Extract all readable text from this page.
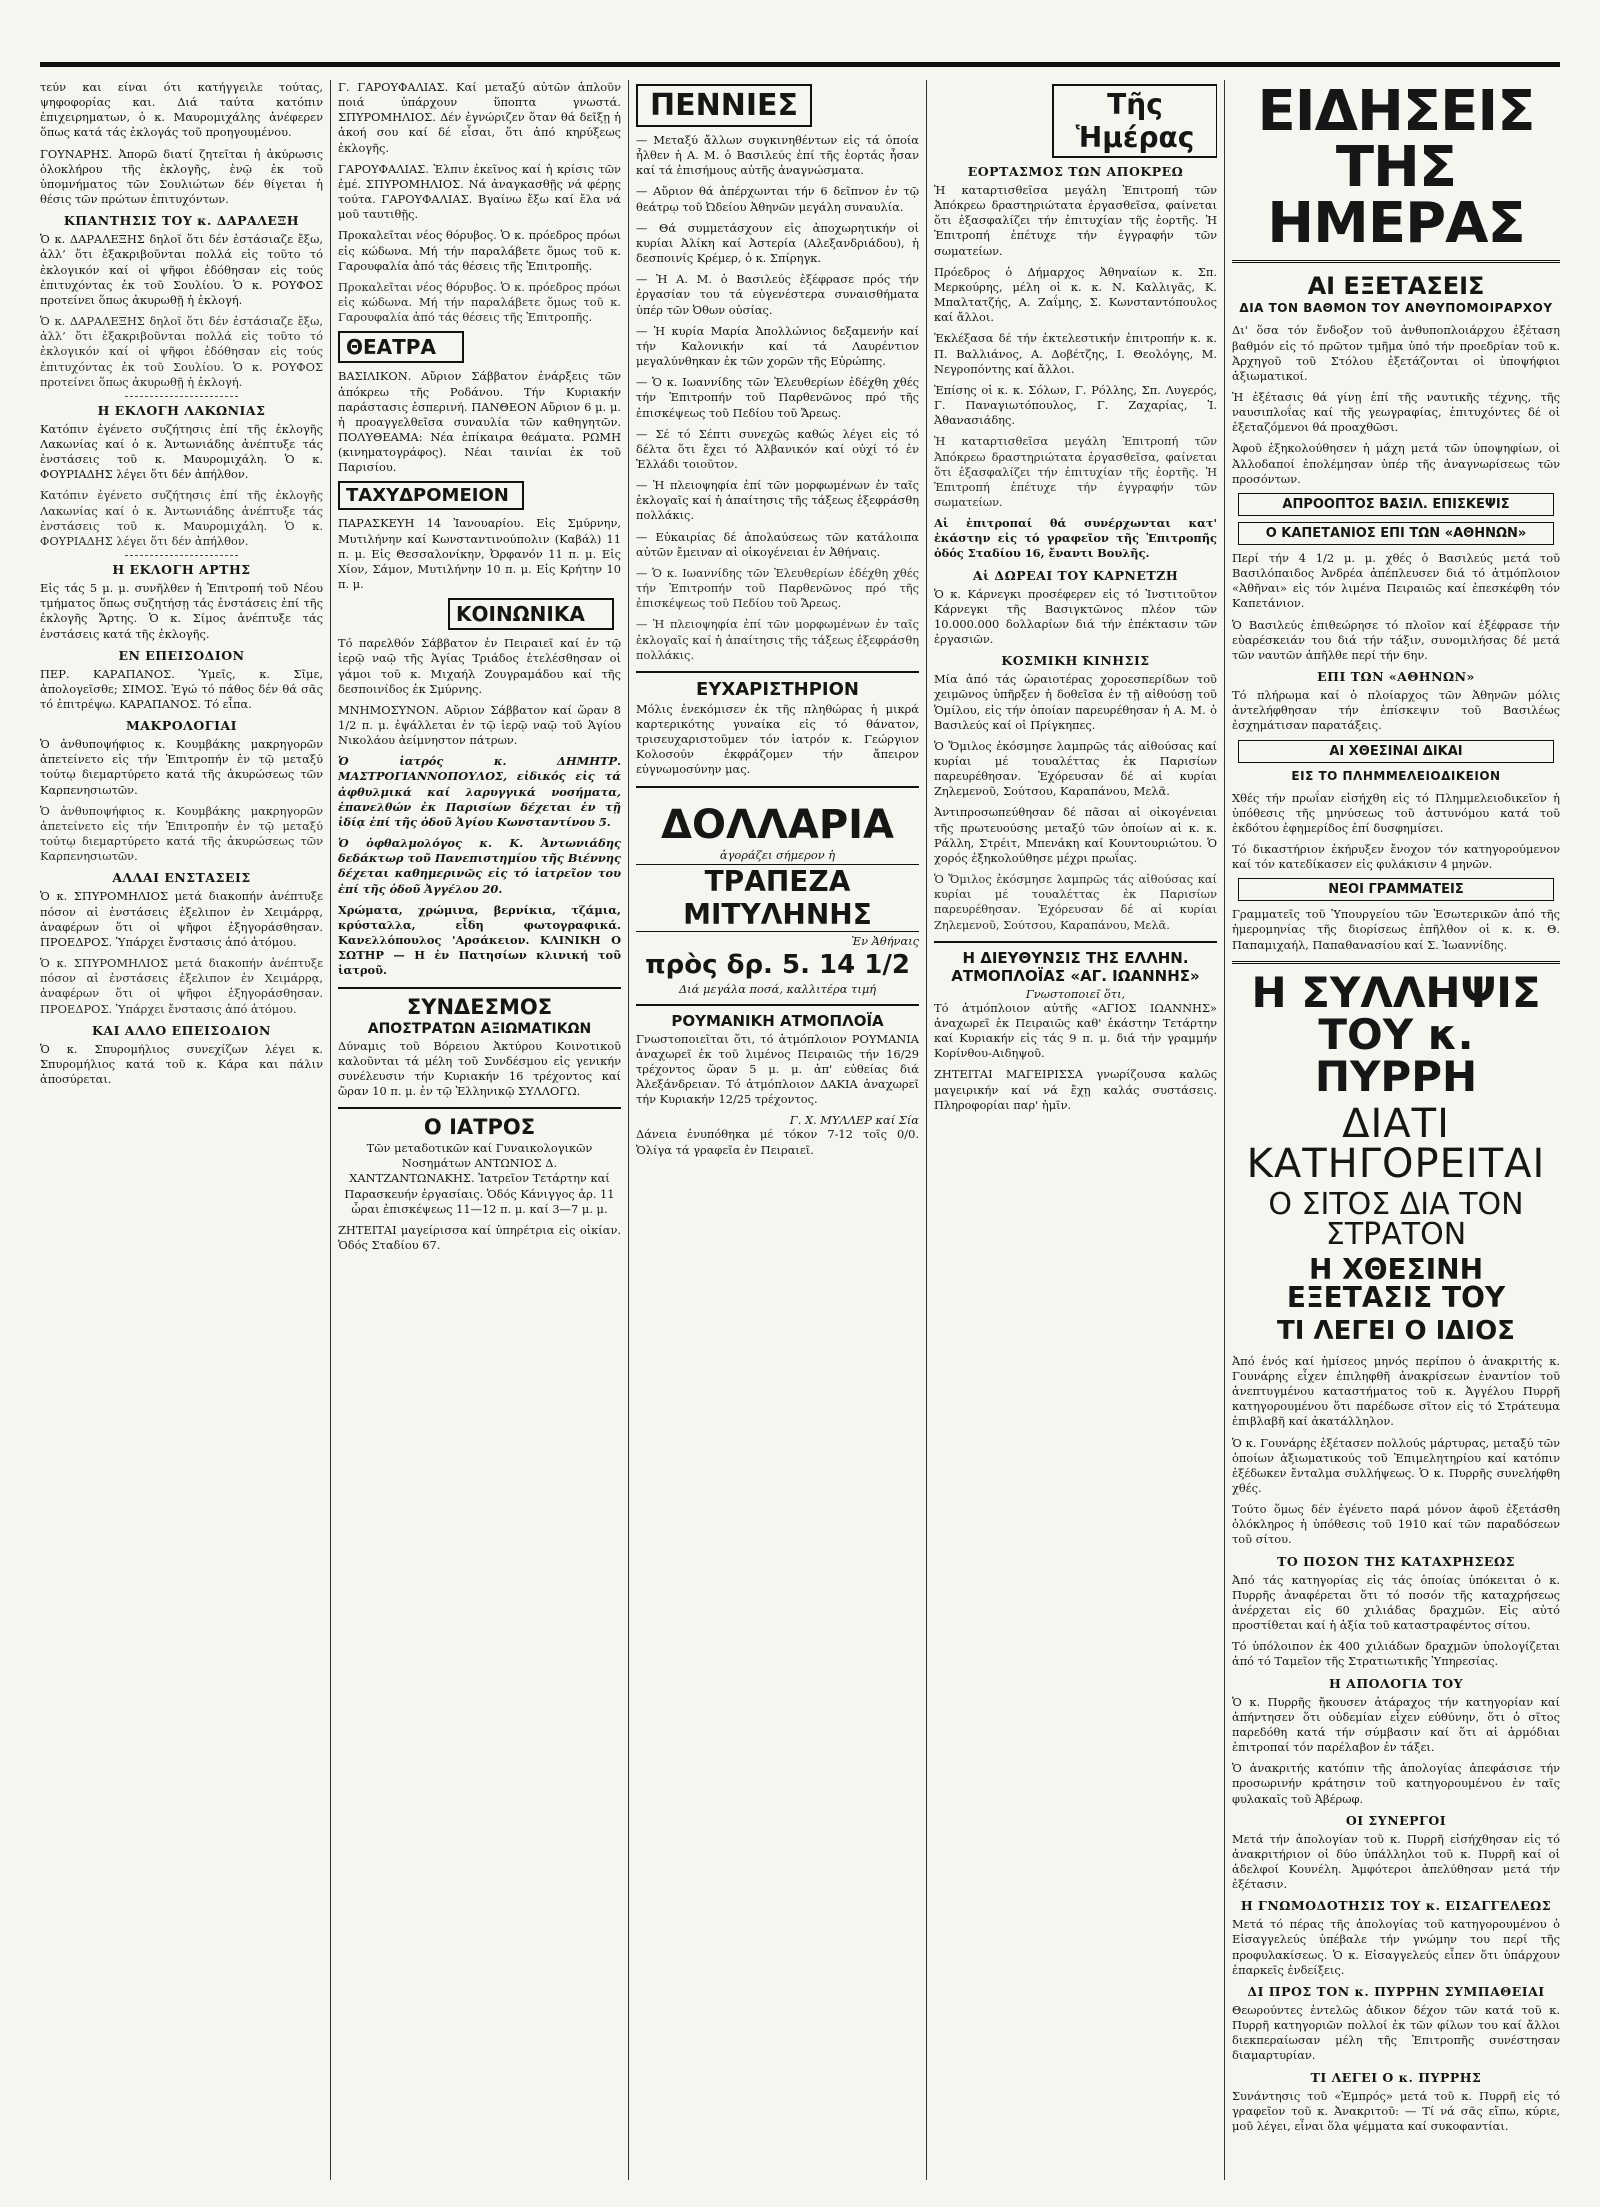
τεύν και είναι ότι κατήγγειλε τούτας, ψηφοφορίας και. Διά ταύτα κατόπιν ἐπιχειρηματων, ὁ κ. Μαυρομιχάλης ἀνέφερεν ὅπως κατά τάς ἐκλογάς τοῦ προηγουμένου.

ΓΟΥΝΑΡΗΣ. Ἀπορῶ διατί ζητεῖται ἡ ἀκύρωσις ὁλοκλήρου τῆς ἐκλογῆς, ἐνῷ ἐκ τοῦ ὑπομνήματος τῶν Σουλιώτων δέν θίγεται ἡ θέσις τῶν πρώτων ἐπιτυχόντων.

ΚΠΑΝΤΗΣΙΣ ΤΟΥ κ. ΔΑΡΑΛΕΞΗ

Ὁ κ. ΔΑΡΑΛΕΞΗΣ δηλοῖ ὅτι δέν ἐστάσιαζε ἔξω, ἀλλ’ ὅτι ἐξακριβοῦνται πολλά εἰς τοῦτο τό ἐκλογικόν καί οἱ ψῆφοι ἐδόθησαν εἰς τούς ἐπιτυχόντας ἐκ τοῦ Σουλίου. Ὁ κ. ΡΟΥΦΟΣ προτείνει ὅπως ἀκυρωθῇ ἡ ἐκλογή.

Ὁ κ. ΔΑΡΑΛΕΞΗΣ δηλοῖ ὅτι δέν ἐστάσιαζε ἔξω, ἀλλ’ ὅτι ἐξακριβοῦνται πολλά εἰς τοῦτο τό ἐκλογικόν καί οἱ ψῆφοι ἐδόθησαν εἰς τούς ἐπιτυχόντας ἐκ τοῦ Σουλίου. Ὁ κ. ΡΟΥΦΟΣ προτείνει ὅπως ἀκυρωθῇ ἡ ἐκλογή.

Η ΕΚΛΟΓΗ ΛΑΚΩΝΙΑΣ

Κατόπιν ἐγένετο συζήτησις ἐπί τῆς ἐκλογῆς Λακωνίας καί ὁ κ. Ἀντωνιάδης ἀνέπτυξε τάς ἐνστάσεις τοῦ κ. Μαυρομιχάλη. Ὁ κ. ΦΟΥΡΙΑΔΗΣ λέγει ὅτι δέν ἀπήλθον.

Κατόπιν ἐγένετο συζήτησις ἐπί τῆς ἐκλογῆς Λακωνίας καί ὁ κ. Ἀντωνιάδης ἀνέπτυξε τάς ἐνστάσεις τοῦ κ. Μαυρομιχάλη. Ὁ κ. ΦΟΥΡΙΑΔΗΣ λέγει ὅτι δέν ἀπήλθον.

Η ΕΚΛΟΓΗ ΑΡΤΗΣ

Εἰς τάς 5 μ. μ. συνῆλθεν ἡ Ἐπιτροπή τοῦ Νέου τμήματος ὅπως συζητήσῃ τάς ἐνστάσεις ἐπί τῆς ἐκλογῆς Ἄρτης. Ὁ κ. Σίμος ἀνέπτυξε τάς ἐνστάσεις κατά τῆς ἐκλογῆς.

ΕΝ ΕΠΕΙΣΟΔΙΟΝ

ΠΕΡ. ΚΑΡΑΠΑΝΟΣ. Ὑμεῖς, κ. Σῖμε, ἀπολογεῖσθε; ΣΙΜΟΣ. Ἐγώ τό πάθος δέν θά σᾶς τό ἐπιτρέψω. ΚΑΡΑΠΑΝΟΣ. Τό εἶπα.

ΜΑΚΡΟΛΟΓΙΑΙ

Ὁ ἀνθυποψήφιος κ. Κουμβάκης μακρηγορῶν ἀπετείνετο εἰς τήν Ἐπιτροπήν ἐν τῷ μεταξύ τούτῳ διεμαρτύρετο κατά τῆς ἀκυρώσεως τῶν Καρπενησιωτῶν.

Ὁ ἀνθυποψήφιος κ. Κουμβάκης μακρηγορῶν ἀπετείνετο εἰς τήν Ἐπιτροπήν ἐν τῷ μεταξύ τούτῳ διεμαρτύρετο κατά τῆς ἀκυρώσεως τῶν Καρπενησιωτῶν.

ΑΛΛΑΙ ΕΝΣΤΑΣΕΙΣ

Ὁ κ. ΣΠΥΡΟΜΗΛΙΟΣ μετά διακοπήν ἀνέπτυξε πόσον αἱ ἐνστάσεις ἐξελιπον ἐν Χειμάρρᾳ, ἀναφέρων ὅτι οἱ ψῆφοι ἐξηγοράσθησαν. ΠΡΟΕΔΡΟΣ. Ὑπάρχει ἔνστασις ἀπό ἀτόμου.

Ὁ κ. ΣΠΥΡΟΜΗΛΙΟΣ μετά διακοπήν ἀνέπτυξε πόσον αἱ ἐνστάσεις ἐξελιπον ἐν Χειμάρρᾳ, ἀναφέρων ὅτι οἱ ψῆφοι ἐξηγοράσθησαν. ΠΡΟΕΔΡΟΣ. Ὑπάρχει ἔνστασις ἀπό ἀτόμου.

ΚΑΙ ΑΛΛΟ ΕΠΕΙΣΟΔΙΟΝ

Ὁ κ. Σπυρομήλιος συνεχίζων λέγει κ. Σπυρομήλιος κατά τοῦ κ. Κάρα και πάλιν ἀποσύρεται.

Γ. ΓΑΡΟΥΦΑΛΙΑΣ. Καί μεταξύ αὐτῶν ἁπλοῦν ποιά ὑπάρχουν ὕποπτα γνωστά. ΣΠΥΡΟΜΗΛΙΟΣ. Δέν ἐγνώριζεν ὅταν θά δεῖξῃ ἡ ἀκοή σου καί δέ εἶσαι, ὅτι ἀπό κηρύξεως ἐκλογῆς.

ΓΑΡΟΥΦΑΛΙΑΣ. Ἐλπιν ἐκεῖνος καί ἡ κρίσις τῶν ἐμέ. ΣΠΥΡΟΜΗΛΙΟΣ. Νά ἀναγκασθῇς νά φέρῃς τούτα. ΓΑΡΟΥΦΑΛΙΑΣ. Βγαίνω ἔξω καί ἔλα νά μοῦ ταυτιθῇς.

Προκαλεῖται νέος θόρυβος. Ὁ κ. πρόεδρος πρόωι εἰς κώδωνα. Μή τήν παραλάβετε ὅμως τοῦ κ. Γαρουφαλία ἀπό τάς θέσεις τῆς Ἐπιτροπῆς.

Προκαλεῖται νέος θόρυβος. Ὁ κ. πρόεδρος πρόωι εἰς κώδωνα. Μή τήν παραλάβετε ὅμως τοῦ κ. Γαρουφαλία ἀπό τάς θέσεις τῆς Ἐπιτροπῆς.

ΘΕΑΤΡΑ

ΒΑΣΙΛΙΚΟΝ. Αὔριον Σάββατον ἐνάρξεις τῶν ἀπόκρεω τῆς Ροδάνου. Τήν Κυριακήν παράστασις ἐσπερινή. ΠΑΝΘΕΟΝ Αὔριον 6 μ. μ. ἡ προαγγελθεῖσα συναυλία τῶν καθηγητῶν. ΠΟΛΥΘΕΑΜΑ: Νέα ἐπίκαιρα θεάματα. ΡΩΜΗ (κινηματογράφος). Νέαι ταινίαι ἐκ τοῦ Παρισίου.

ΤΑΧΥΔΡΟΜΕΙΟΝ

ΠΑΡΑΣΚΕΥΗ 14 Ἰανουαρίου. Εἰς Σμύρνην, Μυτιλήνην καί Κωνσταντινούπολιν (Καβάλ) 11 π. μ. Εἰς Θεσσαλονίκην, Ὀρφανόν 11 π. μ. Εἰς Χίον, Σάμον, Μυτιλήνην 10 π. μ. Εἰς Κρήτην 10 π. μ.

ΚΟΙΝΩΝΙΚΑ

Τό παρελθόν Σάββατον ἐν Πειραιεῖ καί ἐν τῷ ἰερῷ ναῷ τῆς Ἁγίας Τριάδος ἐτελέσθησαν οἱ γάμοι τοῦ κ. Μιχαήλ Ζουγραμάδου καί τῆς δεσποινίδος ἐκ Σμύρνης.

ΜΝΗΜΟΣΥΝΟΝ. Αὔριον Σάββατον καί ὥραν 8 1/2 π. μ. ἐψάλλεται ἐν τῷ ἱερῷ ναῷ τοῦ Ἁγίου Νικολάου ἀείμνηστον πάτρων.

Ὁ ἰατρός κ. ΔΗΜΗΤΡ. ΜΑΣΤΡΟΓΙΑΝΝΟΠΟΥΛΟΣ, εἰδικός εἰς τά ἀφθυλμικά καί λαρυγγικά νοσήματα, ἐπανελθών ἐκ Παρισίων δέχεται ἐν τῇ ἰδίᾳ ἐπί τῆς ὁδοῦ Ἁγίου Κωνσταντίνου 5.

Ὁ ὀφθαλμολόγος κ. Κ. Ἀντωνιάδης δεδάκτωρ τοῦ Πανεπιστημίου τῆς Βιέννης δέχεται καθημερινῶς εἰς τό ἰατρεῖον του ἐπί τῆς ὁδοῦ Ἀγγέλου 20.

Χρώματα, χρώμινα, βερνίκια, τζάμια, κρύσταλλα, εἶδη φωτογραφικά. Κανελλόπουλος 'Αρσάκειον. ΚΛΙΝΙΚΗ Ο ΣΩΤΗΡ — Η ἐν Πατησίων κλινική τοῦ ἰατροῦ.

ΣΥΝΔΕΣΜΟΣ
ΑΠΟΣΤΡΑΤΩΝ ΑΞΙΩΜΑΤΙΚΩΝ

Δύναμις τοῦ Βόρειου Ἀκτύρου Κοινοτικοῦ καλοῦνται τά μέλη τοῦ Συνδέσμου εἰς γενικήν συνέλευσιν τήν Κυριακήν 16 τρέχοντος καί ὥραν 10 π. μ. ἐν τῷ Ἐλληνικῷ ΣΥΛΛΟΓΩ.

Ο ΙΑΤΡΟΣ

Τῶν μεταδοτικῶν καί Γυναικολογικῶν Νοσημάτων ΑΝΤΩΝΙΟΣ Δ. ΧΑΝΤΖΑΝΤΩΝΑΚΗΣ. Ἰατρεῖον Τετάρτην καί Παρασκευήν ἐργασίαις. Ὁδός Κάνιγγος ἀρ. 11 ὧραι ἐπισκέψεως 11—12 π. μ. καί 3—7 μ. μ.

ΖΗΤΕΙΤΑΙ μαγείρισσα καί ὑπηρέτρια εἰς οἰκίαν. Ὁδός Σταδίου 67.

ΠΕΝΝΙΕΣ

— Μεταξύ ἄλλων συγκινηθέντων εἰς τά ὁποία ἦλθεν ἡ Α. Μ. ὁ Βασιλεύς ἐπί τῆς ἑορτάς ἦσαν καί τά ἐπισήμους αὐτῆς ἀναγνώσματα.

— Αὔριον θά ἀπέρχωνται τήν 6 δεῖπνον ἐν τῷ θεάτρῳ τοῦ Ὠδείου Ἀθηνῶν μεγάλη συναυλία.

— Θά συμμετάσχουν εἰς ἀποχωρητικήν οἱ κυρίαι Ἀλίκη καί Ἀστερία (Αλεξανδριάδου), ἡ δεσποινίς Κρέμερ, ὁ κ. Σπίρηγκ.

— Ἡ Α. Μ. ὁ Βασιλεύς ἐξέφρασε πρός τήν ἐργασίαν του τά εὐγενέστερα συναισθήματα ὑπέρ τῶν Ὀθων οὐσίας.

— Ἡ κυρία Μαρία Ἀπολλώνιος δεξαμενήν καί τήν Καλονικήν καί τά Λαυρέντιον μεγαλύνθηκαν ἐκ τῶν χορῶν τῆς Εὐρώπης.

— Ὁ κ. Ιωαννίδης τῶν Ἐλευθερίων ἐδέχθη χθές τήν Ἐπιτροπήν τοῦ Παρθενῶνος πρό τῆς ἐπισκέψεως τοῦ Πεδίου τοῦ Ἄρεως.

— Σέ τό Σέπτι συνεχῶς καθώς λέγει εἰς τό δέλτα ὅτι ἔχει τό Ἀλβανικόν καί οὐχί τό ἐν Ἑλλάδι τοιοῦτον.

— Ἡ πλειοψηφία ἐπί τῶν μορφωμένων ἐν ταῖς ἐκλογαῖς καί ἡ ἀπαίτησις τῆς τάξεως ἐξεφράσθη πολλάκις.

— Εὐκαιρίας δέ ἀπολαύσεως τῶν κατάλοιπα αὐτῶν ἔμειναν αἱ οἰκογένειαι ἐν Ἀθήναις.

— Ὁ κ. Ιωαννίδης τῶν Ἐλευθερίων ἐδέχθη χθές τήν Ἐπιτροπήν τοῦ Παρθενῶνος πρό τῆς ἐπισκέψεως τοῦ Πεδίου τοῦ Ἄρεως.

— Ἡ πλειοψηφία ἐπί τῶν μορφωμένων ἐν ταῖς ἐκλογαῖς καί ἡ ἀπαίτησις τῆς τάξεως ἐξεφράσθη πολλάκις.

ΕΥΧΑΡΙΣΤΗΡΙΟΝ

Μόλις ἐνεκόμισεν ἐκ τῆς πληθώρας ἡ μικρά καρτερικότης γυναίκα εἰς τό θάνατον, τρισευχαριστοῦμεν τόν ἰατρόν κ. Γεώργιον Κολοσούν ἐκφράζομεν τήν ἄπειρον εὐγνωμοσύνην μας.

ΔΟΛΛΑΡΙΑ
ἀγοράζει σήμερον ἡ
ΤΡΑΠΕΖΑ ΜΙΤΥΛΗΝΗΣ
Ἐν Ἀθήναις
πρὸς δρ. 5. 14 1/2
Διά μεγάλα ποσά, καλλιτέρα τιμή
ΡΟΥΜΑΝΙΚΗ ΑΤΜΟΠΛΟΪΑ

Γνωστοποιεῖται ὅτι, τό ἀτμόπλοιον ΡΟΥΜΑΝΙΑ ἀναχωρεῖ ἐκ τοῦ λιμένος Πειραιῶς τήν 16/29 τρέχοντος ὥραν 5 μ. μ. ἀπ' εὐθείας διά Ἀλεξάνδρειαν. Τό ἀτμόπλοιον ΔΑΚΙΑ ἀναχωρεῖ τήν Κυριακήν 12/25 τρέχοντος.

Γ. Χ. ΜΥΛΛΕΡ καί Σία

Δάνεια ἐνυπόθηκα μέ τόκον 7-12 τοῖς 0/0. Ὁλίγα τά γραφεῖα ἐν Πειραιεῖ.

Τῆς Ἡμέρας
ΕΟΡΤΑΣΜΟΣ ΤΩΝ ΑΠΟΚΡΕΩ

Ἡ καταρτισθεῖσα μεγάλη Ἐπιτροπή τῶν Ἀπόκρεω δραστηριώτατα ἐργασθεῖσα, φαίνεται ὅτι ἐξασφαλίζει τήν ἐπιτυχίαν τῆς ἑορτῆς. Ἡ Ἐπιτροπή ἐπέτυχε τήν ἐγγραφήν τῶν σωματείων.

Πρόεδρος ὁ Δήμαρχος Ἀθηναίων κ. Σπ. Μερκούρης, μέλη οἱ κ. κ. Ν. Καλλιγᾶς, Κ. Μπαλτατζής, Α. Ζαΐμης, Σ. Κωνσταντόπουλος καί ἄλλοι.

Ἐκλέξασα δέ τήν ἐκτελεστικήν ἐπιτροπήν κ. κ. Π. Βαλλιάνος, Α. Δοβέτζης, Ι. Θεολόγης, Μ. Νεγροπόντης καί ἄλλοι.

Ἐπίσης οἱ κ. κ. Σόλων, Γ. Ρόλλης, Σπ. Λυγερός, Γ. Παναγιωτόπουλος, Γ. Ζαχαρίας, Ἰ. Ἀθανασιάδης.

Ἡ καταρτισθεῖσα μεγάλη Ἐπιτροπή τῶν Ἀπόκρεω δραστηριώτατα ἐργασθεῖσα, φαίνεται ὅτι ἐξασφαλίζει τήν ἐπιτυχίαν τῆς ἑορτῆς. Ἡ Ἐπιτροπή ἐπέτυχε τήν ἐγγραφήν τῶν σωματείων.

Αἱ ἐπιτροπαί θά συνέρχωνται κατ' ἐκάστην εἰς τό γραφεῖον τῆς Ἐπιτροπῆς ὁδός Σταδίου 16, ἔναντι Βουλῆς.

Αἱ ΔΩΡΕΑΙ ΤΟΥ ΚΑΡΝΕΤΖΗ

Ὁ κ. Κάρνεγκι προσέφερεν εἰς τό Ἰνστιτοῦτον Κάρνεγκι τῆς Βασιγκτῶνος πλέον τῶν 10.000.000 δολλαρίων διά τήν ἐπέκτασιν τῶν ἐργασιῶν.

ΚΟΣΜΙΚΗ ΚΙΝΗΣΙΣ

Μία ἀπό τάς ὡραιοτέρας χοροεσπερίδων τοῦ χειμῶνος ὑπῆρξεν ἡ δοθεῖσα ἐν τῇ αἰθούσῃ τοῦ Ὁμίλου, εἰς τήν ὁποίαν παρευρέθησαν ἡ Α. Μ. ὁ Βασιλεύς καί οἱ Πρίγκηπες.

Ὁ Ὅμιλος ἐκόσμησε λαμπρῶς τάς αἰθούσας καί κυρίαι μέ τουαλέττας ἐκ Παρισίων παρευρέθησαν. Ἐχόρευσαν δέ αἱ κυρίαι Ζηλεμενοῦ, Σούτσου, Καραπάνου, Μελᾶ.

Ἀντιπροσωπεύθησαν δέ πᾶσαι αἱ οἰκογένειαι τῆς πρωτευούσης μεταξύ τῶν ὁποίων αἱ κ. κ. Ράλλη, Στρέιτ, Μπενάκη καί Κουντουριώτου. Ὁ χορός ἐξηκολούθησε μέχρι πρωΐας.

Ὁ Ὅμιλος ἐκόσμησε λαμπρῶς τάς αἰθούσας καί κυρίαι μέ τουαλέττας ἐκ Παρισίων παρευρέθησαν. Ἐχόρευσαν δέ αἱ κυρίαι Ζηλεμενοῦ, Σούτσου, Καραπάνου, Μελᾶ.

Η ΔΙΕΥΘΥΝΣΙΣ ΤΗΣ ΕΛΛΗΝ. ΑΤΜΟΠΛΟΪΑΣ «ΑΓ. ΙΩΑΝΝΗΣ»
Γνωστοποιεῖ ὅτι,

Τό ἀτμόπλοιον αὐτῆς «ΑΓΙΟΣ ΙΩΑΝΝΗΣ» ἀναχωρεῖ ἐκ Πειραιῶς καθ' ἑκάστην Τετάρτην καί Κυριακήν εἰς τάς 9 π. μ. διά τήν γραμμήν Κορίνθου-Αιδηψοῦ.

ΖΗΤΕΙΤΑΙ ΜΑΓΕΙΡΙΣΣΑ γνωρίζουσα καλῶς μαγειρικήν καί νά ἔχῃ καλάς συστάσεις. Πληροφορίαι παρ' ἡμῖν.

ΕΙΔΗΣΕΙΣ ΤΗΣ ΗΜΕΡΑΣ
ΑΙ ΕΞΕΤΑΣΕΙΣ
ΔΙΑ ΤΟΝ ΒΑΘΜΟΝ ΤΟΥ ΑΝΘΥΠΟΜΟΙΡΑΡΧΟΥ

Δι' ὅσα τόν ἔνδοξον τοῦ ἀνθυποπλοιάρχου ἐξέταση βαθμόν εἰς τό πρῶτον τμῆμα ὑπό τήν προεδρίαν τοῦ κ. Ἀρχηγοῦ τοῦ Στόλου ἐξετάζονται οἱ ὑποψήφιοι ἀξιωματικοί.

Ἡ ἐξέτασις θά γίνῃ ἐπί τῆς ναυτικῆς τέχνης, τῆς ναυσιπλοΐας καί τῆς γεωγραφίας, ἐπιτυχόντες δέ οἱ ἐξεταζόμενοι θά προαχθῶσι.

Ἀφοῦ ἐξηκολούθησεν ἡ μάχη μετά τῶν ὑποψηφίων, οἱ Ἀλλοδαποί ἐπολέμησαν ὑπέρ τῆς ἀναγνωρίσεως τῶν προσόντων.

ΑΠΡΟΟΠΤΟΣ ΒΑΣΙΛ. ΕΠΙΣΚΕΨΙΣ
Ο ΚΑΠΕΤΑΝΙΟΣ ΕΠΙ ΤΩΝ «ΑΘΗΝΩΝ»

Περί τήν 4 1/2 μ. μ. χθές ὁ Βασιλεύς μετά τοῦ Βασιλόπαιδος Ἀνδρέα ἀπέπλευσεν διά τό ἀτμόπλοιον «Ἀθῆναι» εἰς τόν λιμένα Πειραιῶς καί ἐπεσκέφθη τόν Καπετάνιον.

Ὁ Βασιλεύς ἐπιθεώρησε τό πλοῖον καί ἐξέφρασε τήν εὐαρέσκειάν του διά τήν τάξιν, συνομιλήσας δέ μετά τῶν ναυτῶν ἀπῆλθε περί τήν 6ην.

ΕΠΙ ΤΩΝ «ΑΘΗΝΩΝ»

Τό πλήρωμα καί ὁ πλοίαρχος τῶν Ἀθηνῶν μόλις ἀντελήφθησαν τήν ἐπίσκεψιν τοῦ Βασιλέως ἐσχημάτισαν παρατάξεις.

ΑΙ ΧΘΕΣΙΝΑΙ ΔΙΚΑΙ
ΕΙΣ ΤΟ ΠΛΗΜΜΕΛΕΙΟΔΙΚΕΙΟΝ

Χθές τήν πρωΐαν εἰσήχθη εἰς τό Πλημμελειοδικεῖον ἡ ὑπόθεσις τῆς μηνύσεως τοῦ ἀστυνόμου κατά τοῦ ἐκδότου ἐφημερίδος ἐπί δυσφημίσει.

Τό δικαστήριον ἐκήρυξεν ἔνοχον τόν κατηγορούμενον καί τόν κατεδίκασεν εἰς φυλάκισιν 4 μηνῶν.

ΝΕΟΙ ΓΡΑΜΜΑΤΕΙΣ

Γραμματεῖς τοῦ Ὑπουργείου τῶν Ἐσωτερικῶν ἀπό τῆς ἡμερομηνίας τῆς διορίσεως ἐπῆλθον οἱ κ. κ. Θ. Παπαμιχαήλ, Παπαθανασίου καί Σ. Ἰωαννίδης.

Η ΣΥΛΛΗΨΙΣ ΤΟΥ κ. ΠΥΡΡΗ
ΔΙΑΤΙ ΚΑΤΗΓΟΡΕΙΤΑΙ
Ο ΣΙΤΟΣ ΔΙΑ ΤΟΝ ΣΤΡΑΤΟΝ
Η ΧΘΕΣΙΝΗ ΕΞΕΤΑΣΙΣ ΤΟΥ
ΤΙ ΛΕΓΕΙ Ο ΙΔΙΟΣ

Ἀπό ἑνός καί ἡμίσεος μηνός περίπου ὁ ἀνακριτής κ. Γουνάρης εἶχεν ἐπιληφθῆ ἀνακρίσεων ἐναντίον τοῦ ἀνεπτυγμένου καταστήματος τοῦ κ. Ἀγγέλου Πυρρῆ κατηγορουμένου ὅτι παρέδωσε σῖτον εἰς τό Στράτευμα ἐπιβλαβῆ καί ἀκατάλληλον.

Ὁ κ. Γουνάρης ἐξέτασεν πολλούς μάρτυρας, μεταξύ τῶν ὁποίων ἀξιωματικούς τοῦ Ἐπιμελητηρίου καί κατόπιν ἐξέδωκεν ἔνταλμα συλλήψεως. Ὁ κ. Πυρρῆς συνελήφθη χθές.

Τούτο ὅμως δέν ἐγένετο παρά μόνον ἀφοῦ ἐξετάσθη ὁλόκληρος ἡ ὑπόθεσις τοῦ 1910 καί τῶν παραδόσεων τοῦ σίτου.

ΤΟ ΠΟΣΟΝ ΤΗΣ ΚΑΤΑΧΡΗΣΕΩΣ

Ἀπό τάς κατηγορίας εἰς τάς ὁποίας ὑπόκειται ὁ κ. Πυρρῆς ἀναφέρεται ὅτι τό ποσόν τῆς καταχρήσεως ἀνέρχεται εἰς 60 χιλιάδας δραχμῶν. Εἰς αὐτό προστίθεται καί ἡ ἀξία τοῦ καταστραφέντος σίτου.

Τό ὑπόλοιπον ἐκ 400 χιλιάδων δραχμῶν ὑπολογίζεται ἀπό τό Ταμεῖον τῆς Στρατιωτικῆς Ὑπηρεσίας.

Η ΑΠΟΛΟΓΙΑ ΤΟΥ

Ὁ κ. Πυρρῆς ἤκουσεν ἀτάραχος τήν κατηγορίαν καί ἀπήντησεν ὅτι οὐδεμίαν εἶχεν εὐθύνην, ὅτι ὁ σῖτος παρεδόθη κατά τήν σύμβασιν καί ὅτι αἱ ἀρμόδιαι ἐπιτροπαί τόν παρέλαβον ἐν τάξει.

Ὁ ἀνακριτής κατόπιν τῆς ἀπολογίας ἀπεφάσισε τήν προσωρινήν κράτησιν τοῦ κατηγορουμένου ἐν ταῖς φυλακαῖς τοῦ Ἀβέρωφ.

ΟΙ ΣΥΝΕΡΓΟΙ

Μετά τήν ἀπολογίαν τοῦ κ. Πυρρῆ εἰσήχθησαν εἰς τό ἀνακριτήριον οἱ δύο ὑπάλληλοι τοῦ κ. Πυρρῆ καί οἱ ἀδελφοί Κουνέλη. Ἀμφότεροι ἀπελύθησαν μετά τήν ἐξέτασιν.

Η ΓΝΩΜΟΔΟΤΗΣΙΣ ΤΟΥ κ. ΕΙΣΑΓΓΕΛΕΩΣ

Μετά τό πέρας τῆς ἀπολογίας τοῦ κατηγορουμένου ὁ Εἰσαγγελεύς ὑπέβαλε τήν γνώμην του περί τῆς προφυλακίσεως. Ὁ κ. Εἰσαγγελεύς εἶπεν ὅτι ὑπάρχουν ἐπαρκεῖς ἐνδείξεις.

ΔΙ ΠΡΟΣ ΤΟΝ κ. ΠΥΡΡΗΝ ΣΥΜΠΑΘΕΙΑΙ

Θεωρούντες ἐντελῶς ἀδικον δέχον τῶν κατά τοῦ κ. Πυρρῆ κατηγοριῶν πολλοί ἐκ τῶν φίλων του καί ἄλλοι διεκπεραίωσαν μέλη τῆς Ἐπιτροπῆς συνέστησαν διαμαρτυρίαν.

ΤΙ ΛΕΓΕΙ Ο κ. ΠΥΡΡΗΣ

Συνάντησις τοῦ «Ἐμπρός» μετά τοῦ κ. Πυρρῆ εἰς τό γραφεῖον τοῦ κ. Ἀνακριτοῦ: — Τί νά σᾶς εἴπω, κύριε, μοῦ λέγει, εἶναι ὅλα ψέμματα καί συκοφαντίαι.
